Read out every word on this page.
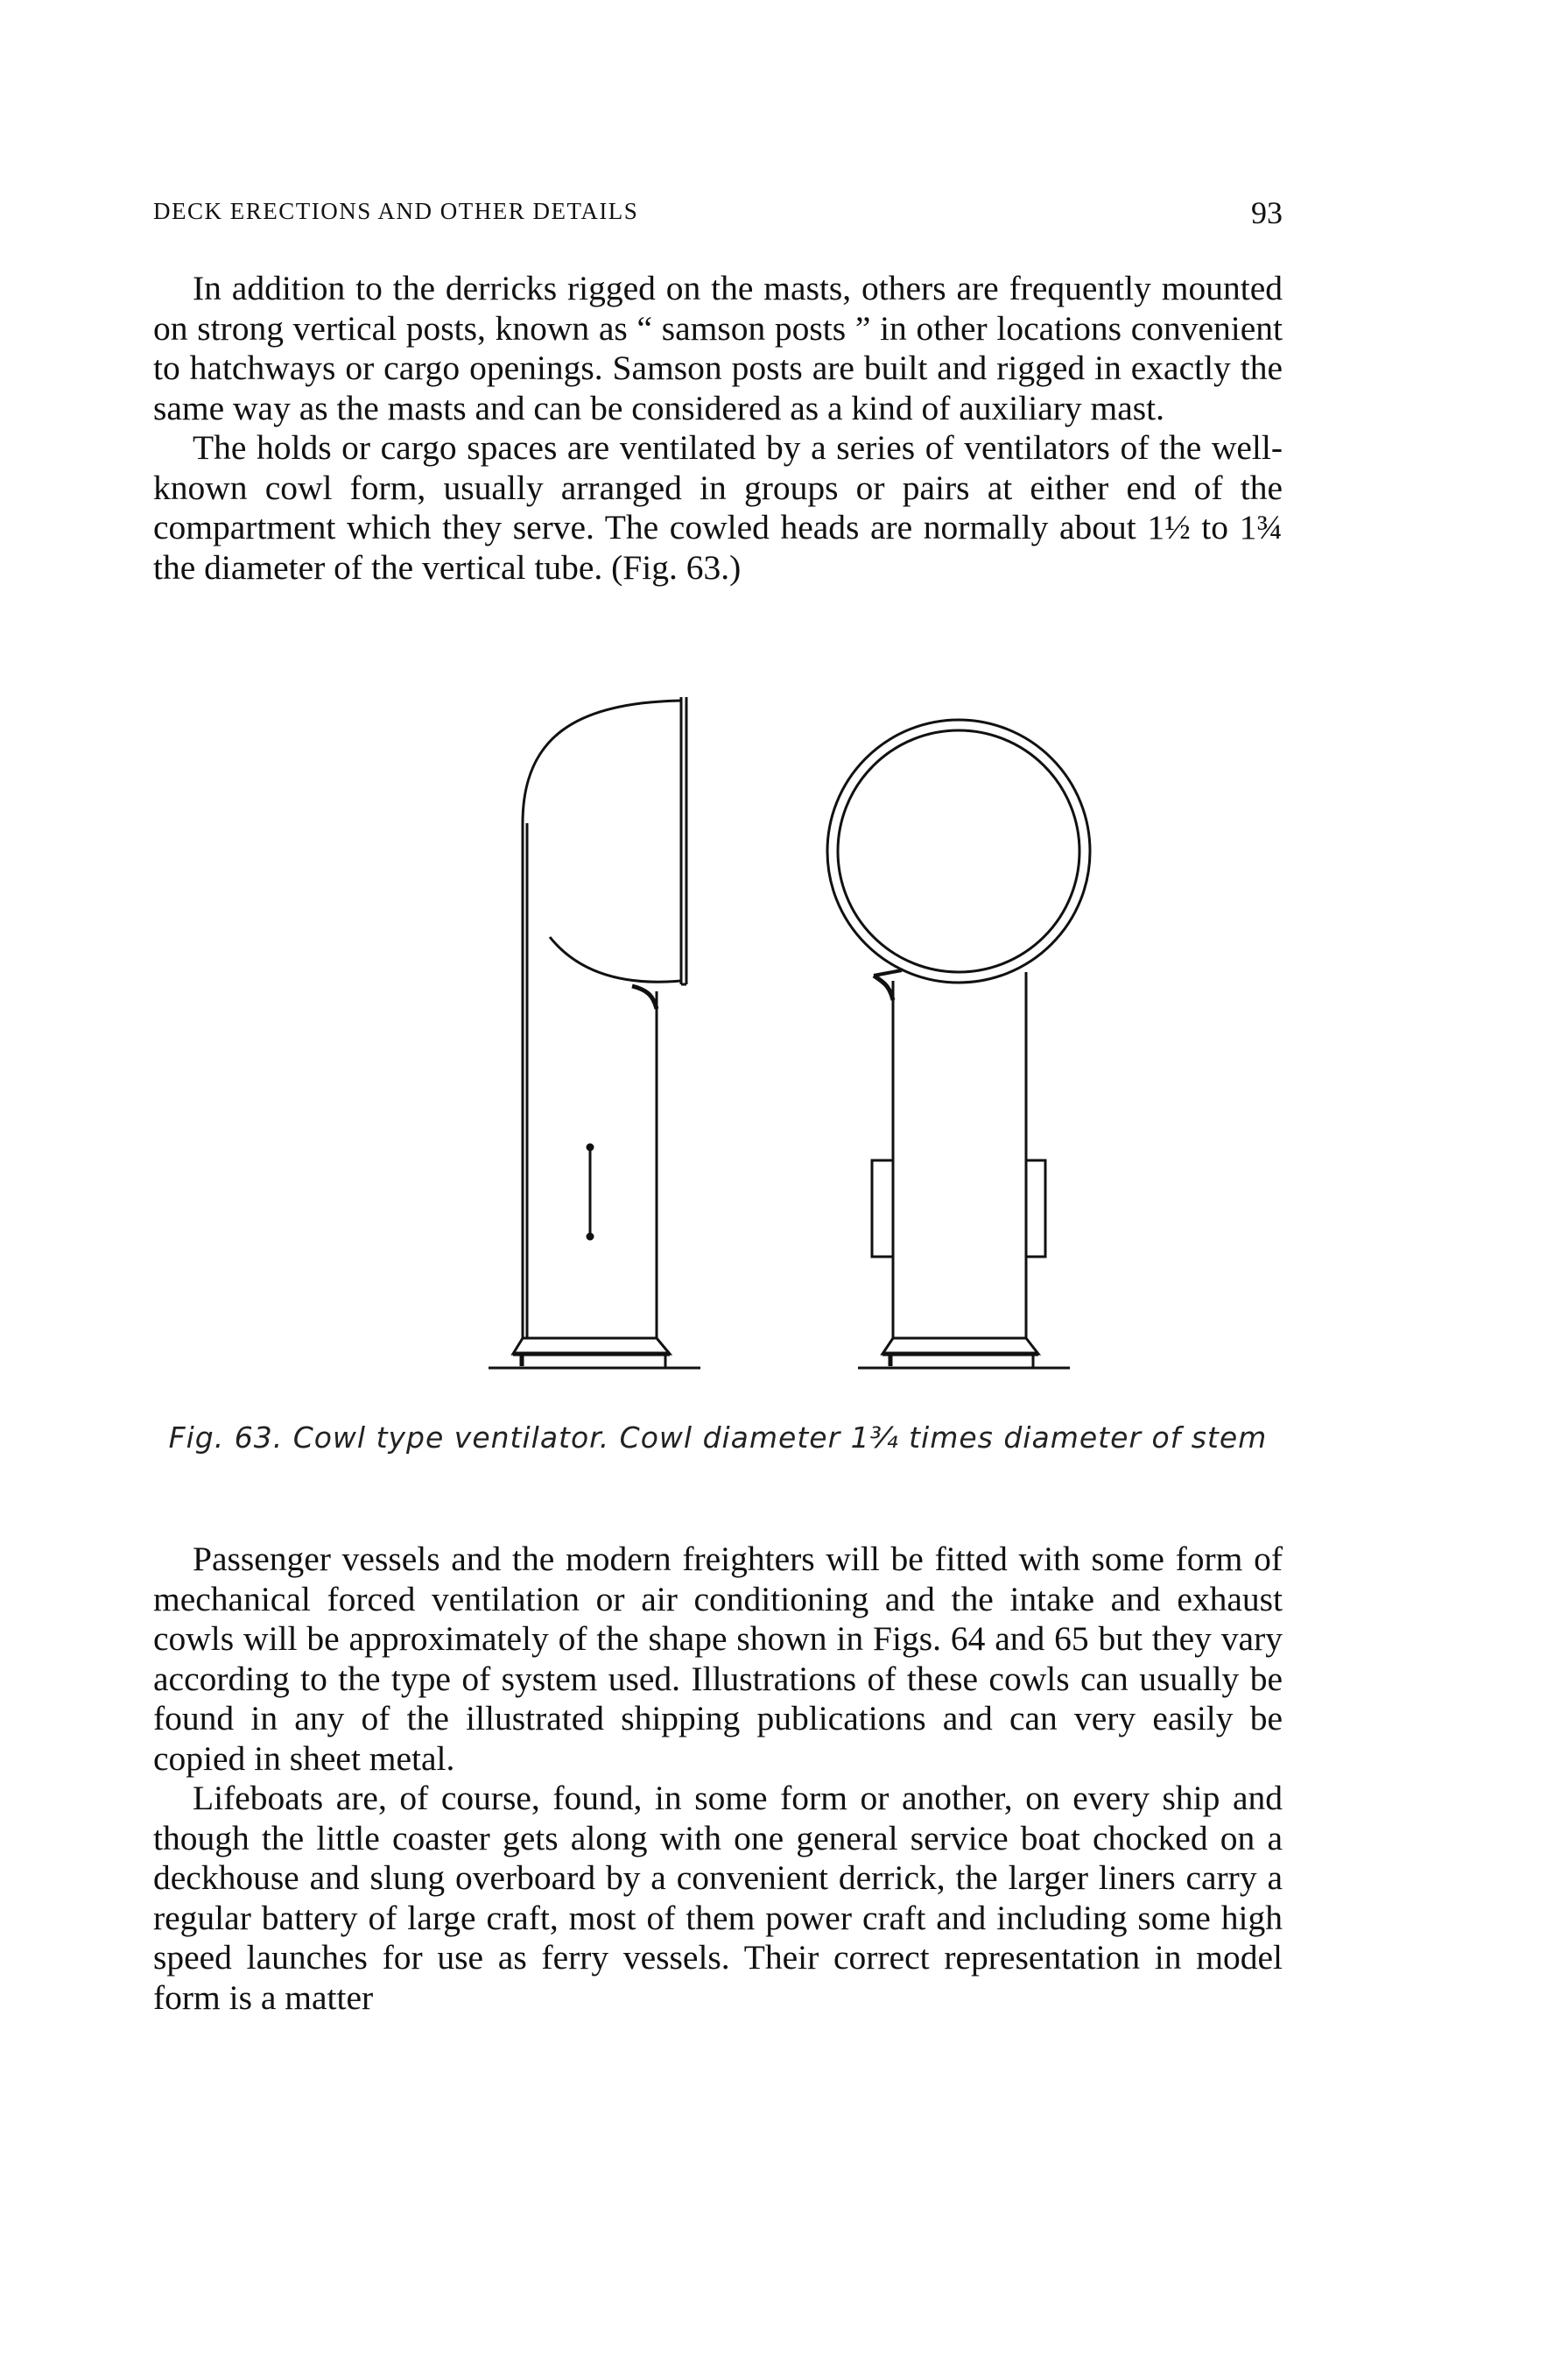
DECK ERECTIONS AND OTHER DETAILS	93

In addition to the derricks rigged on the masts, others are frequently mounted on strong vertical posts, known as “ samson posts ” in other locations convenient to hatchways or cargo openings. Samson posts are built and rigged in exactly the same way as the masts and can be considered as a kind of auxiliary mast.

The holds or cargo spaces are ventilated by a series of ventilators of the well-known cowl form, usually arranged in groups or pairs at either end of the compartment which they serve. The cowled heads are normally about 1½ to 1¾ the diameter of the vertical tube. (Fig. 63.)

Fig. 63. Cowl type ventilator. Cowl diameter 1¾ times diameter of stem

Passenger vessels and the modern freighters will be fitted with some form of mechanical forced ventilation or air conditioning and the intake and exhaust cowls will be approximately of the shape shown in Figs. 64 and 65 but they vary according to the type of system used. Illustrations of these cowls can usually be found in any of the illustrated shipping publications and can very easily be copied in sheet metal.

Lifeboats are, of course, found, in some form or another, on every ship and though the little coaster gets along with one general service boat chocked on a deckhouse and slung overboard by a convenient derrick, the larger liners carry a regular battery of large craft, most of them power craft and including some high speed launches for use as ferry vessels. Their correct representation in model form is a matter
